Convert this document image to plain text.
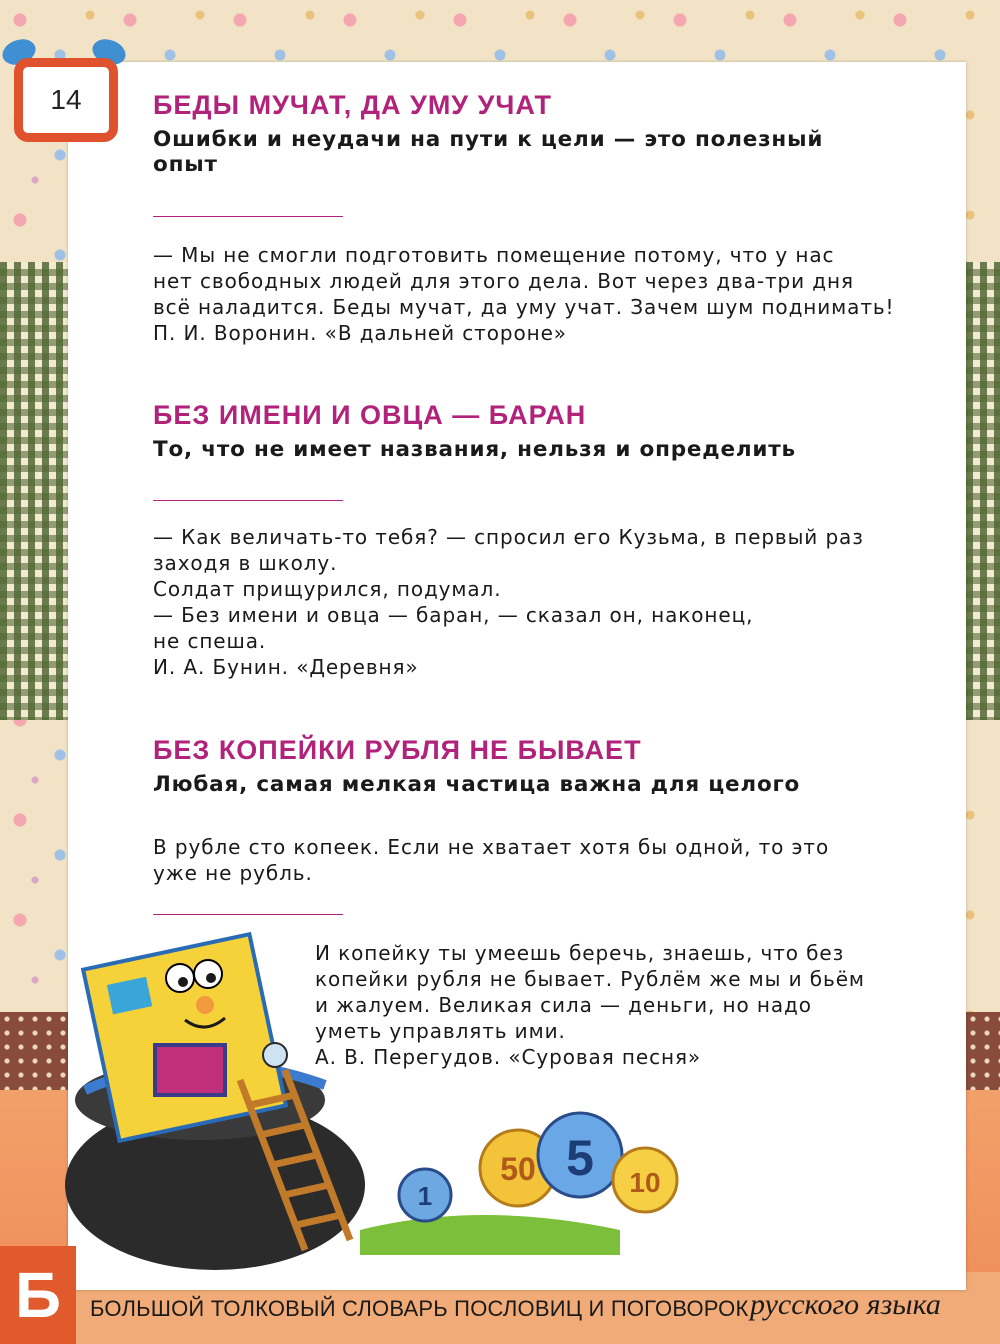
14	БЕДЫ МУЧАТ, ДА УМУ УЧАТ
Ошибки и неудачи на пути к цели — это полезный опыт

— Мы не смогли подготовить помещение потому, что у нас

нет свободных людей для этого дела. Вот через два-три дня

всё наладится. Беды мучат, да уму учат. Зачем шум поднимать!

П. И. Воронин. «В дальней стороне»

БЕЗ ИМЕНИ И ОВЦА — БАРАН
То, что не имеет названия, нельзя и определить

— Как величать-то тебя? — спросил его Кузьма, в первый раз

заходя в школу.

Солдат прищурился, подумал.

— Без имени и овца — баран, — сказал он, наконец,

не спеша.

И. А. Бунин. «Деревня»

БЕЗ КОПЕЙКИ РУБЛЯ НЕ БЫВАЕТ
Любая, самая мелкая частица важна для целого

В рубле сто копеек. Если не хватает хотя бы одной, то это

уже не рубль.

И копейку ты умеешь беречь, знаешь, что без

копейки рубля не бывает. Рублём же мы и бьём

и жалуем. Великая сила — деньги, но надо

уметь управлять ими.

А. В. Перегудов. «Суровая песня»

1
50 5 10
Б	БОЛЬШОЙ ТОЛКОВЫЙ СЛОВАРЬ ПОСЛОВИЦ И ПОГОВОРОК русского языка
